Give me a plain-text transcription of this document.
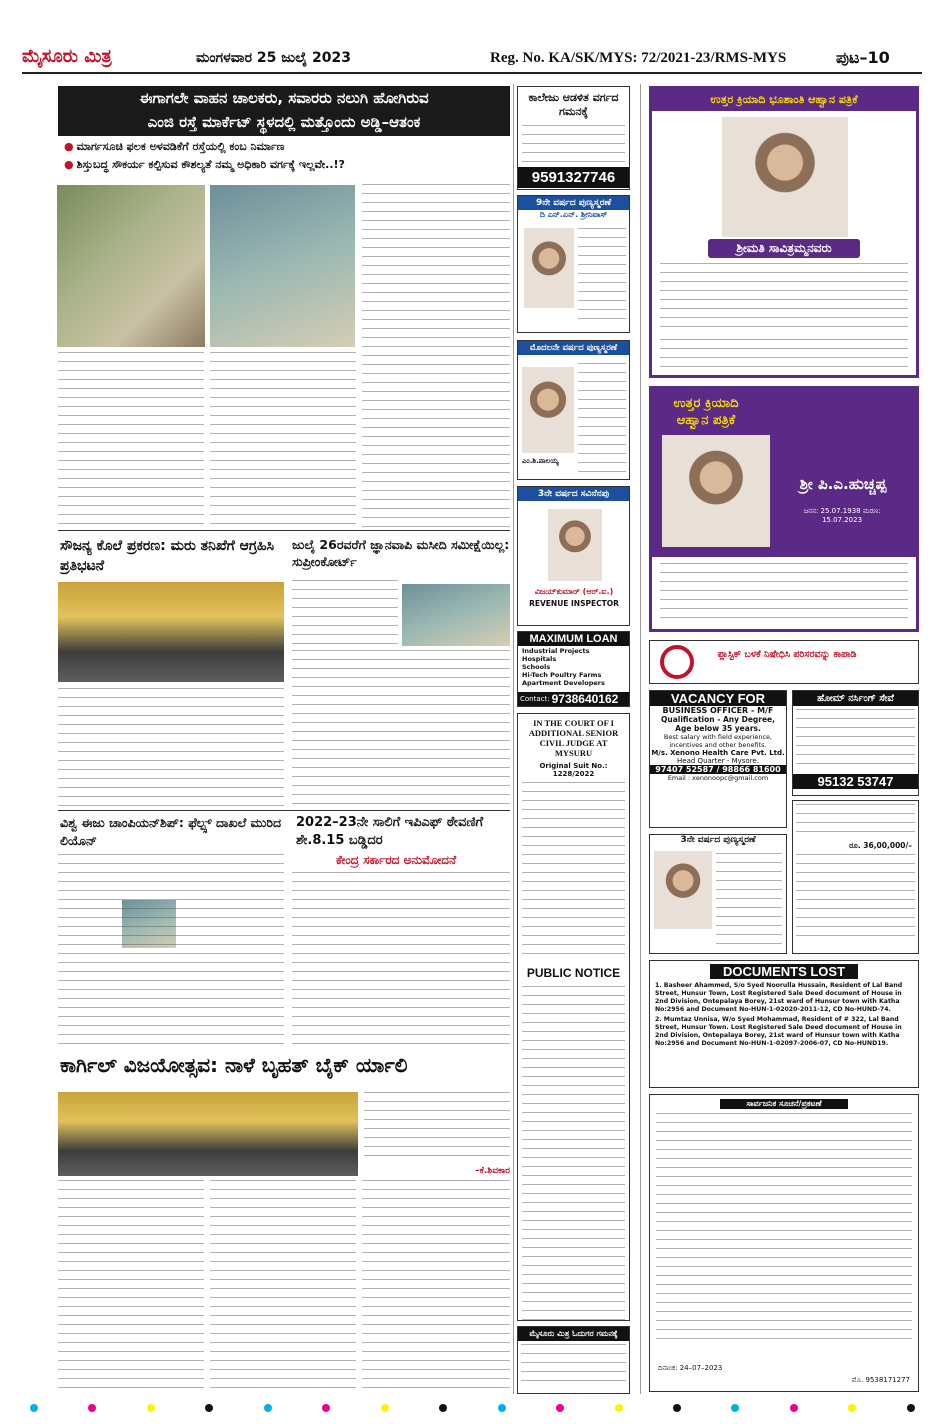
ಮೈಸೂರು ಮಿತ್ರ	ಮಂಗಳವಾರ 25 ಜುಲೈ 2023	Reg. No. KA/SK/MYS: 72/2021-23/RMS-MYS	ಪುಟ–10
ಈಗಾಗಲೇ ವಾಹನ ಚಾಲಕರು, ಸವಾರರು ನಲುಗಿ ಹೋಗಿರುವ
ಎಂಜಿ ರಸ್ತೆ ಮಾರ್ಕೆಟ್ ಸ್ಥಳದಲ್ಲಿ ಮತ್ತೊಂದು ಅಡ್ಡಿ–ಆತಂಕ
● ಮಾರ್ಗಸೂಚಿ ಫಲಕ ಅಳವಡಿಕೆಗೆ ರಸ್ತೆಯಲ್ಲಿ ಕಂಬ ನಿರ್ಮಾಣ
● ಶಿಸ್ತುಬದ್ಧ ಸೌಕರ್ಯ ಕಲ್ಪಿಸುವ ಕೌಶಲ್ಯತೆ ನಮ್ಮ ಅಧಿಕಾರಿ ವರ್ಗಕ್ಕೆ ಇಲ್ಲವೇ..!?
ಸೌಜನ್ಯ ಕೊಲೆ ಪ್ರಕರಣ: ಮರು ತನಿಖೆಗೆ ಆಗ್ರಹಿಸಿ ಪ್ರತಿಭಟನೆ
ಜುಲೈ 26ರವರೆಗೆ ಜ್ಞಾನವಾಪಿ ಮಸೀದಿ ಸಮೀಕ್ಷೆಯಿಲ್ಲ: ಸುಪ್ರೀಂಕೋರ್ಟ್
ವಿಶ್ವ ಈಜು ಚಾಂಪಿಯನ್‌ಶಿಪ್: ಫೆಲ್ಪ್ಸ್ ದಾಖಲೆ ಮುರಿದ ಲಿಯೊನ್
2022–23ನೇ ಸಾಲಿಗೆ ಇಪಿಎಫ್ ಠೇವಣಿಗೆ ಶೇ.8.15 ಬಡ್ಡಿದರ
ಕೇಂದ್ರ ಸರ್ಕಾರದ ಅನುಮೋದನೆ
ಕಾರ್ಗಿಲ್ ವಿಜಯೋತ್ಸವ: ನಾಳೆ ಬೃಹತ್ ಬೈಕ್ ರ್ಯಾಲಿ
–ಕೆ.ಶಿವಕಾರ
ಕಾಲೇಜು ಆಡಳಿತ ವರ್ಗದ ಗಮನಕ್ಕೆ
9591327746
9ನೇ ವರ್ಷದ ಪುಣ್ಯಸ್ಮರಣೆ
ದಿ ಎನ್.ಎನ್. ಶ್ರೀನಿವಾಸ್
ಮೊದಲನೇ ವರ್ಷದ ಪುಣ್ಯಸ್ಮರಣೆ
ಎಂ.ಶಿ.ಪಾಲಯ್ಯ
3ನೇ ವರ್ಷದ ಸವಿನೆನಪು
ವಿಜಯ್‌ಕುಮಾರ್ (ಆರ್.ಐ.)
REVENUE INSPECTOR
MAXIMUM LOAN
Industrial Projects
Hospitals
Schools
Hi-Tech Poultry Farms
Apartment Developers
Contact: 9738640162
IN THE COURT OF I ADDITIONAL SENIOR CIVIL JUDGE AT MYSURU
Original Suit No.: 1228/2022
PUBLIC NOTICE
ಮೈಸೂರು ಮಿತ್ರ ಓದುಗರ ಗಮನಕ್ಕೆ
ಉತ್ತರ ಕ್ರಿಯಾದಿ ಭೂಶಾಂತಿ ಆಹ್ವಾನ ಪತ್ರಿಕೆ
ಶ್ರೀಮತಿ ಸಾವಿತ್ರಮ್ಮನವರು
ಉತ್ತರ ಕ್ರಿಯಾದಿ ಆಹ್ವಾನ ಪತ್ರಿಕೆ
ಶ್ರೀ ಪಿ.ಎ.ಹುಚ್ಚಪ್ಪ
ಜನನ: 25.07.1938 ಮರಣ: 15.07.2023
ಪ್ಲಾಸ್ಟಿಕ್ ಬಳಕೆ ನಿಷೇಧಿಸಿ ಪರಿಸರವನ್ನು ಕಾಪಾಡಿ
VACANCY FOR
BUSINESS OFFICER - M/F
Qualification - Any Degree,
Age below 35 years.
Best salary with field experience, incentives and other benefits.
M/s. Xenono Health Care Pvt. Ltd.
Head Quarter - Mysore.
97407 52587 / 98866 81600
Email : xenonoopc@gmail.com
ಹೋಮ್ ನರ್ಸಿಂಗ್ ಸೇವೆ
95132 53747
3ನೇ ವರ್ಷದ ಪುಣ್ಯಸ್ಮರಣೆ
ರೂ. 36,00,000/–
DOCUMENTS LOST
1. Basheer Ahammed, S/o Syed Noorulla Hussain, Resident of Lal Band Street, Hunsur Town, Lost Registered Sale Deed document of House in 2nd Division, Ontepalaya Borey, 21st ward of Hunsur town with Katha No:2956 and Document No-HUN-1-02020-2011-12, CD No-HUND-74.
2. Mumtaz Unnisa, W/o Syed Mohammad, Resident of # 322, Lal Band Street, Hunsur Town. Lost Registered Sale Deed document of House in 2nd Division, Ontepalaya Borey, 21st ward of Hunsur town with Katha No:2956 and Document No-HUN-1-02097-2006-07, CD No-HUND19.
ಸಾರ್ವಜನಿಕ ಸೂಚನೆ/ಪ್ರಕಟಣೆ
ದಿನಾಂಕ: 24–07–2023
ಮೊ. 9538171277
